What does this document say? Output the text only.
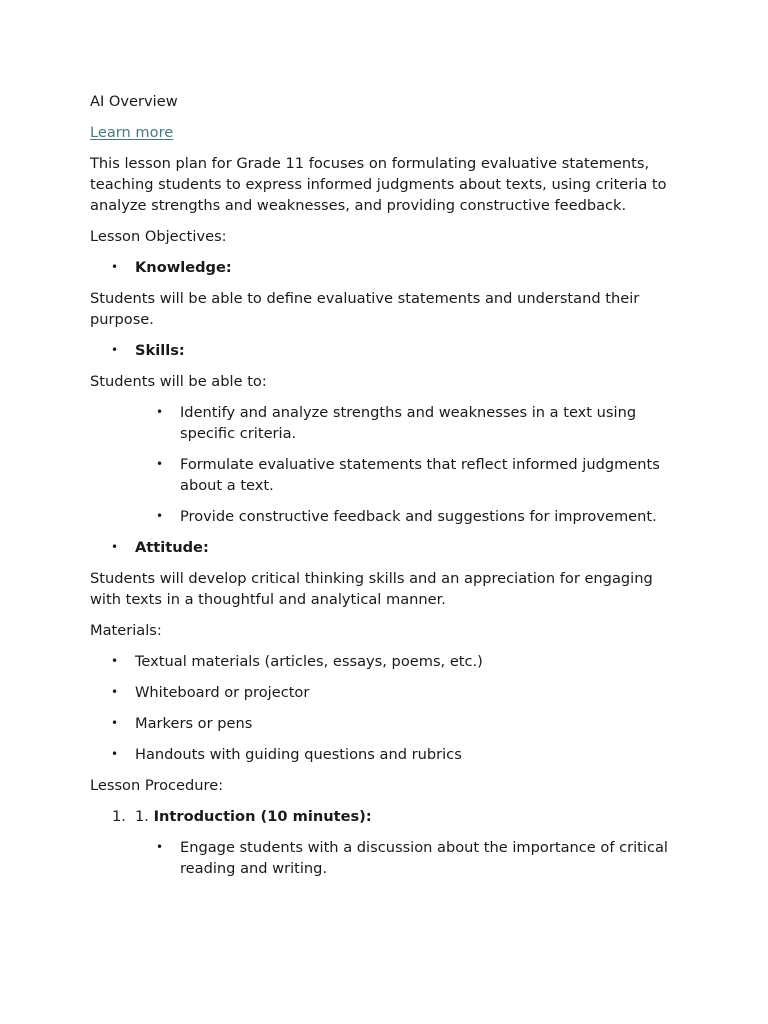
AI Overview

Learn more

This lesson plan for Grade 11 focuses on formulating evaluative statements, teaching students to express informed judgments about texts, using criteria to analyze strengths and weaknesses, and providing constructive feedback.

Lesson Objectives:

• Knowledge:

Students will be able to define evaluative statements and understand their purpose.

• Skills:

Students will be able to:

• Identify and analyze strengths and weaknesses in a text using specific criteria.
• Formulate evaluative statements that reflect informed judgments about a text.
• Provide constructive feedback and suggestions for improvement.
• Attitude:

Students will develop critical thinking skills and an appreciation for engaging with texts in a thoughtful and analytical manner.

Materials:

• Textual materials (articles, essays, poems, etc.)
• Whiteboard or projector
• Markers or pens
• Handouts with guiding questions and rubrics

Lesson Procedure:

1. 1. Introduction (10 minutes):
• Engage students with a discussion about the importance of critical reading and writing.
